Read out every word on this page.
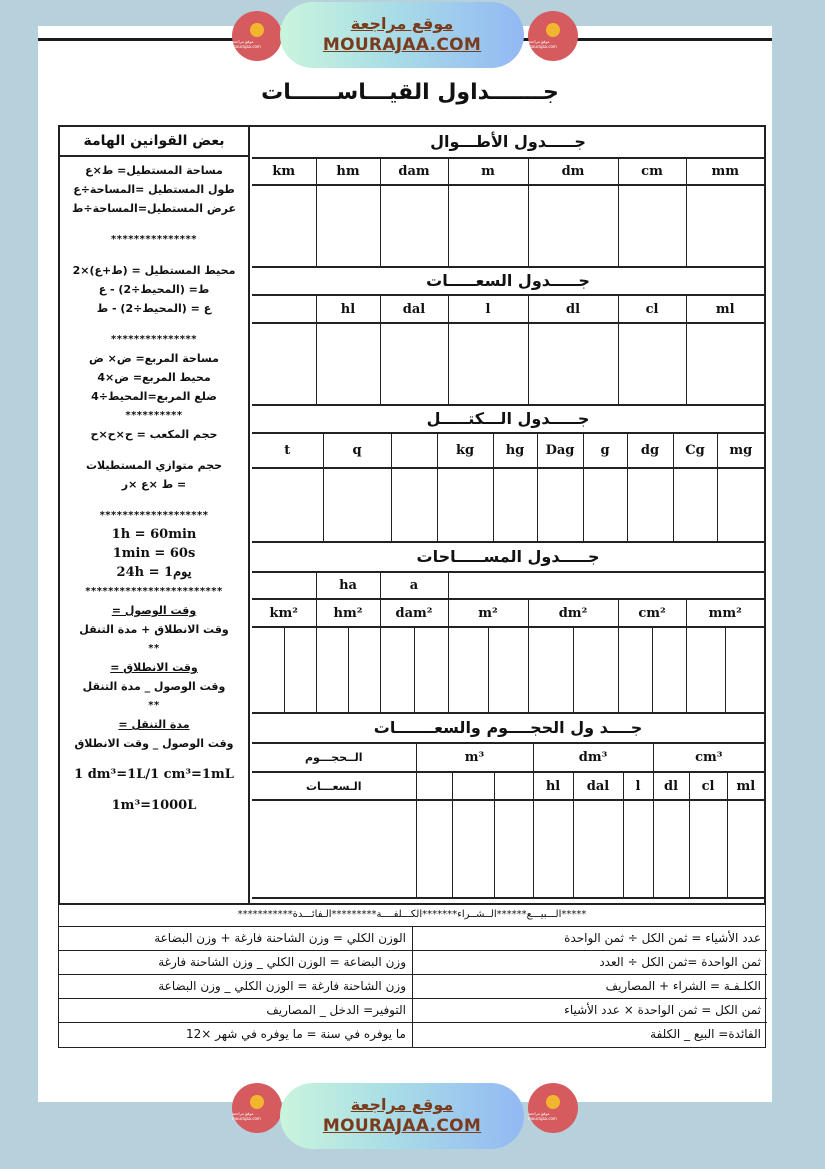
موقع مراجعة mourajaa.com
موقع مراجعة
MOURAJAA.COM	موقع مراجعة mourajaa.com
جـــــــداول القيـــاســــــات
بعض القوانين الهامة
مساحة المستطيل= ط×ع
طول المستطيل =المساحة÷ع
عرض المستطيل=المساحة÷ط
***************
محيط المستطيل = (ط+ع)×2
ط= (المحيط÷2) - ع
ع = (المحيط÷2) - ط
***************
مساحة المربع= ض× ض
محيط المربع= ض×4
ضلع المربع=المحيط÷4
**********
حجم المكعب = ح×ح×ح
حجم متوازي المستطيلات
= ط ×ع ×ر
*******************
1h = 60min
1min = 60s
24h = 1يوم
************************
وقت الوصول =
وقت الانطلاق + مدة التنقل
**
وقت الانطلاق =
وقت الوصول _ مدة التنقل
**
مدة التنقل =
وقت الوصول _ وقت الانطلاق
1 dm³=1L/1 cm³=1mL
1m³=1000L
جـــــدول الأطـــوال
km	hm	dam	m	dm	cm	mm

جـــــدول السعـــــات
	hl	dal	l	dl	cl	ml

جـــــدول الـــكتـــــل
t	q		kg	hg	Dag	g	dg	Cg	mg

جـــــدول المســـــاحات
	ha	a				
km²	hm²	dam²	m²	dm²	cm²	mm²

جــــد ول الحجــــوم والسعـــــــات
الــحجـــوم	m³			dm³			cm³		
الـسعـــات				hl	dal	l	dl	cl	ml

*****الـــبيـــع******الــشــراء*******الكـــلفــــة*********الـفائـــدة***********
الوزن الكلي = وزن الشاحنة فارغة + وزن البضاعة	عدد الأشياء = ثمن الكل ÷ ثمن الواحدة
وزن البضاعة = الوزن الكلي _ وزن الشاحنة فارغة	ثمن الواحدة =ثمن الكل ÷ العدد
وزن الشاحنة فارغة = الوزن الكلي _ وزن البضاعة	الكلـفـة = الشراء + المصاريف
التوفير= الدخل _ المصاريف	ثمن الكل = ثمن الواحدة × عدد الأشياء
ما يوفره في سنة = ما يوفره في شهر ×12	الفائدة= البيع _ الكلفة
موقع مراجعة mourajaa.com
موقع مراجعة
MOURAJAA.COM
موقع مراجعة mourajaa.com
